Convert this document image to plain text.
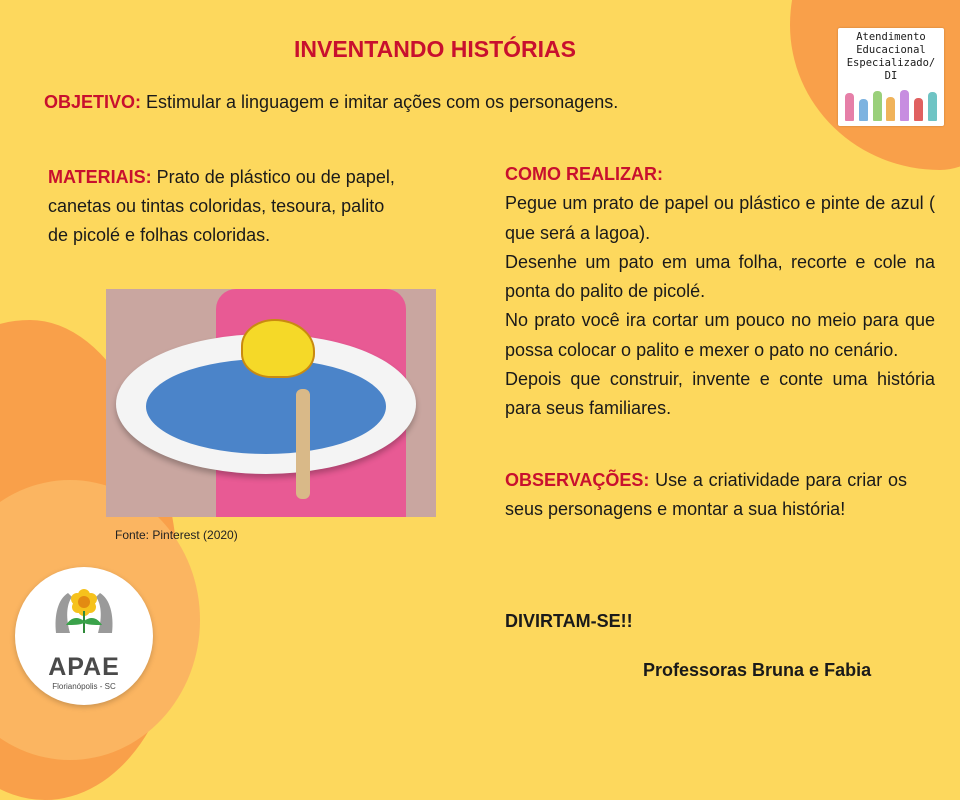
INVENTANDO HISTÓRIAS
OBJETIVO: Estimular a linguagem e imitar ações com os personagens.
MATERIAIS: Prato de plástico ou de papel, canetas ou tintas coloridas, tesoura, palito de picolé e folhas coloridas.
Fonte: Pinterest (2020)
COMO REALIZAR:
Pegue um prato de papel ou plástico e pinte de azul ( que será a lagoa).
Desenhe um pato em uma folha, recorte e cole na ponta do palito de picolé.
No prato você ira cortar um pouco no meio para que possa colocar o palito e mexer o pato no cenário.
Depois que construir, invente e conte uma história para seus familiares.
OBSERVAÇÕES: Use a criatividade para criar os seus personagens e montar a sua história!
DIVIRTAM-SE!!
Professoras Bruna e Fabia
Atendimento
Educacional
Especializado/ DI
APAE
Florianópolis - SC
